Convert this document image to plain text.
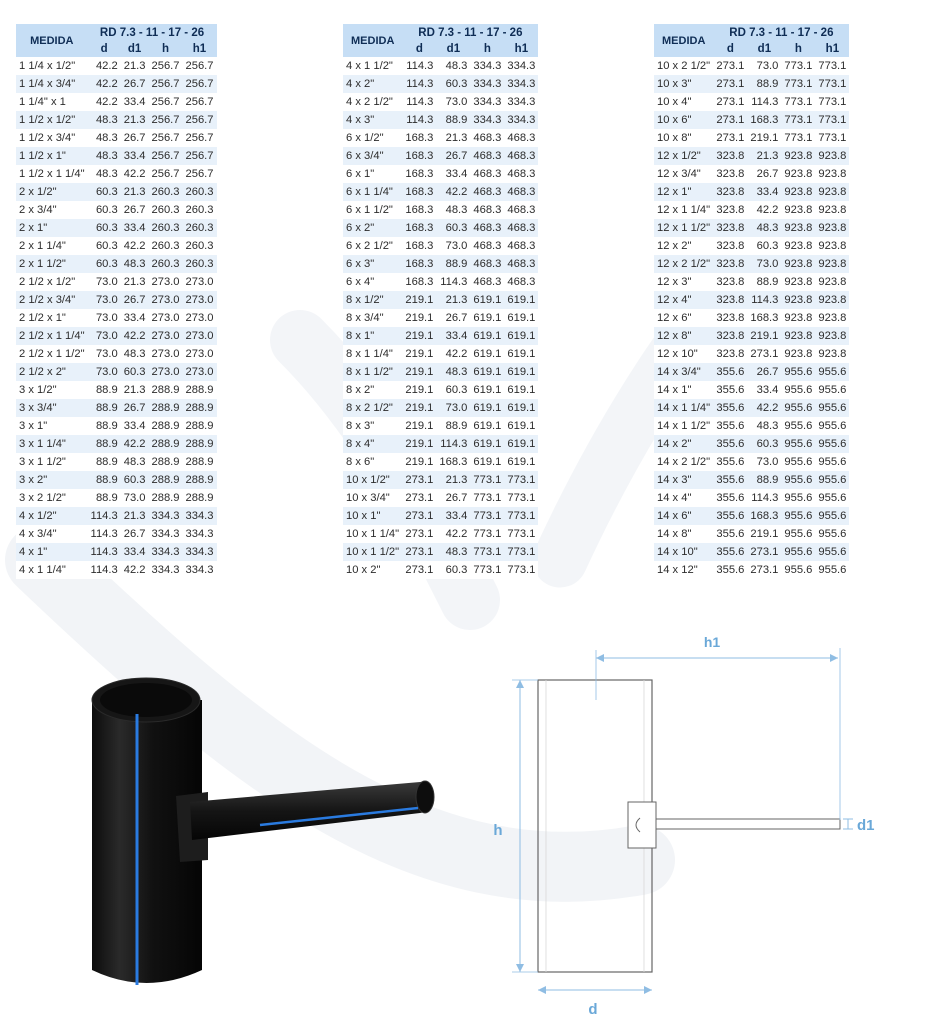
MEDIDA	RD 7.3 - 11 - 17 - 26			
	d	d1	h	h1
1 1/4 x 1/2"	42.2	21.3	256.7	256.7
1 1/4 x 3/4"	42.2	26.7	256.7	256.7
1 1/4" x 1	42.2	33.4	256.7	256.7
1 1/2 x 1/2"	48.3	21.3	256.7	256.7
1 1/2 x 3/4"	48.3	26.7	256.7	256.7
1 1/2 x 1"	48.3	33.4	256.7	256.7
1 1/2 x 1 1/4"	48.3	42.2	256.7	256.7
2 x 1/2"	60.3	21.3	260.3	260.3
2 x 3/4"	60.3	26.7	260.3	260.3
2 x 1"	60.3	33.4	260.3	260.3
2 x 1 1/4"	60.3	42.2	260.3	260.3
2 x 1 1/2"	60.3	48.3	260.3	260.3
2 1/2 x 1/2"	73.0	21.3	273.0	273.0
2 1/2 x 3/4"	73.0	26.7	273.0	273.0
2 1/2 x 1"	73.0	33.4	273.0	273.0
2 1/2 x 1 1/4"	73.0	42.2	273.0	273.0
2 1/2 x 1 1/2"	73.0	48.3	273.0	273.0
2 1/2 x 2"	73.0	60.3	273.0	273.0
3 x 1/2"	88.9	21.3	288.9	288.9
3 x 3/4"	88.9	26.7	288.9	288.9
3 x 1"	88.9	33.4	288.9	288.9
3 x 1 1/4"	88.9	42.2	288.9	288.9
3 x 1 1/2"	88.9	48.3	288.9	288.9
3 x 2"	88.9	60.3	288.9	288.9
3 x 2 1/2"	88.9	73.0	288.9	288.9
4 x 1/2"	114.3	21.3	334.3	334.3
4 x 3/4"	114.3	26.7	334.3	334.3
4 x 1"	114.3	33.4	334.3	334.3
4 x 1 1/4"	114.3	42.2	334.3	334.3
MEDIDA	RD 7.3 - 11 - 17 - 26			
	d	d1	h	h1
4 x 1 1/2"	114.3	48.3	334.3	334.3
4 x 2"	114.3	60.3	334.3	334.3
4 x 2 1/2"	114.3	73.0	334.3	334.3
4 x 3"	114.3	88.9	334.3	334.3
6 x 1/2"	168.3	21.3	468.3	468.3
6 x 3/4"	168.3	26.7	468.3	468.3
6 x 1"	168.3	33.4	468.3	468.3
6 x 1 1/4"	168.3	42.2	468.3	468.3
6 x 1 1/2"	168.3	48.3	468.3	468.3
6 x 2"	168.3	60.3	468.3	468.3
6 x 2 1/2"	168.3	73.0	468.3	468.3
6 x 3"	168.3	88.9	468.3	468.3
6 x 4"	168.3	114.3	468.3	468.3
8 x 1/2"	219.1	21.3	619.1	619.1
8 x 3/4"	219.1	26.7	619.1	619.1
8 x 1"	219.1	33.4	619.1	619.1
8 x 1 1/4"	219.1	42.2	619.1	619.1
8 x 1 1/2"	219.1	48.3	619.1	619.1
8 x 2"	219.1	60.3	619.1	619.1
8 x 2 1/2"	219.1	73.0	619.1	619.1
8 x 3"	219.1	88.9	619.1	619.1
8 x 4"	219.1	114.3	619.1	619.1
8 x 6"	219.1	168.3	619.1	619.1
10 x 1/2"	273.1	21.3	773.1	773.1
10 x 3/4"	273.1	26.7	773.1	773.1
10 x 1"	273.1	33.4	773.1	773.1
10 x 1 1/4"	273.1	42.2	773.1	773.1
10 x 1 1/2"	273.1	48.3	773.1	773.1
10 x 2"	273.1	60.3	773.1	773.1
MEDIDA	RD 7.3 - 11 - 17 - 26			
	d	d1	h	h1
10 x 2 1/2"	273.1	73.0	773.1	773.1
10 x 3"	273.1	88.9	773.1	773.1
10 x 4"	273.1	114.3	773.1	773.1
10 x 6"	273.1	168.3	773.1	773.1
10 x 8"	273.1	219.1	773.1	773.1
12 x 1/2"	323.8	21.3	923.8	923.8
12 x 3/4"	323.8	26.7	923.8	923.8
12 x 1"	323.8	33.4	923.8	923.8
12 x 1 1/4"	323.8	42.2	923.8	923.8
12 x 1 1/2"	323.8	48.3	923.8	923.8
12 x 2"	323.8	60.3	923.8	923.8
12 x 2 1/2"	323.8	73.0	923.8	923.8
12 x 3"	323.8	88.9	923.8	923.8
12 x 4"	323.8	114.3	923.8	923.8
12 x 6"	323.8	168.3	923.8	923.8
12 x 8"	323.8	219.1	923.8	923.8
12 x 10"	323.8	273.1	923.8	923.8
14 x 3/4"	355.6	26.7	955.6	955.6
14 x 1"	355.6	33.4	955.6	955.6
14 x 1 1/4"	355.6	42.2	955.6	955.6
14 x 1 1/2"	355.6	48.3	955.6	955.6
14 x 2"	355.6	60.3	955.6	955.6
14 x 2 1/2"	355.6	73.0	955.6	955.6
14 x 3"	355.6	88.9	955.6	955.6
14 x 4"	355.6	114.3	955.6	955.6
14 x 6"	355.6	168.3	955.6	955.6
14 x 8"	355.6	219.1	955.6	955.6
14 x 10"	355.6	273.1	955.6	955.6
14 x 12"	355.6	273.1	955.6	955.6
h1
h
d
d1
